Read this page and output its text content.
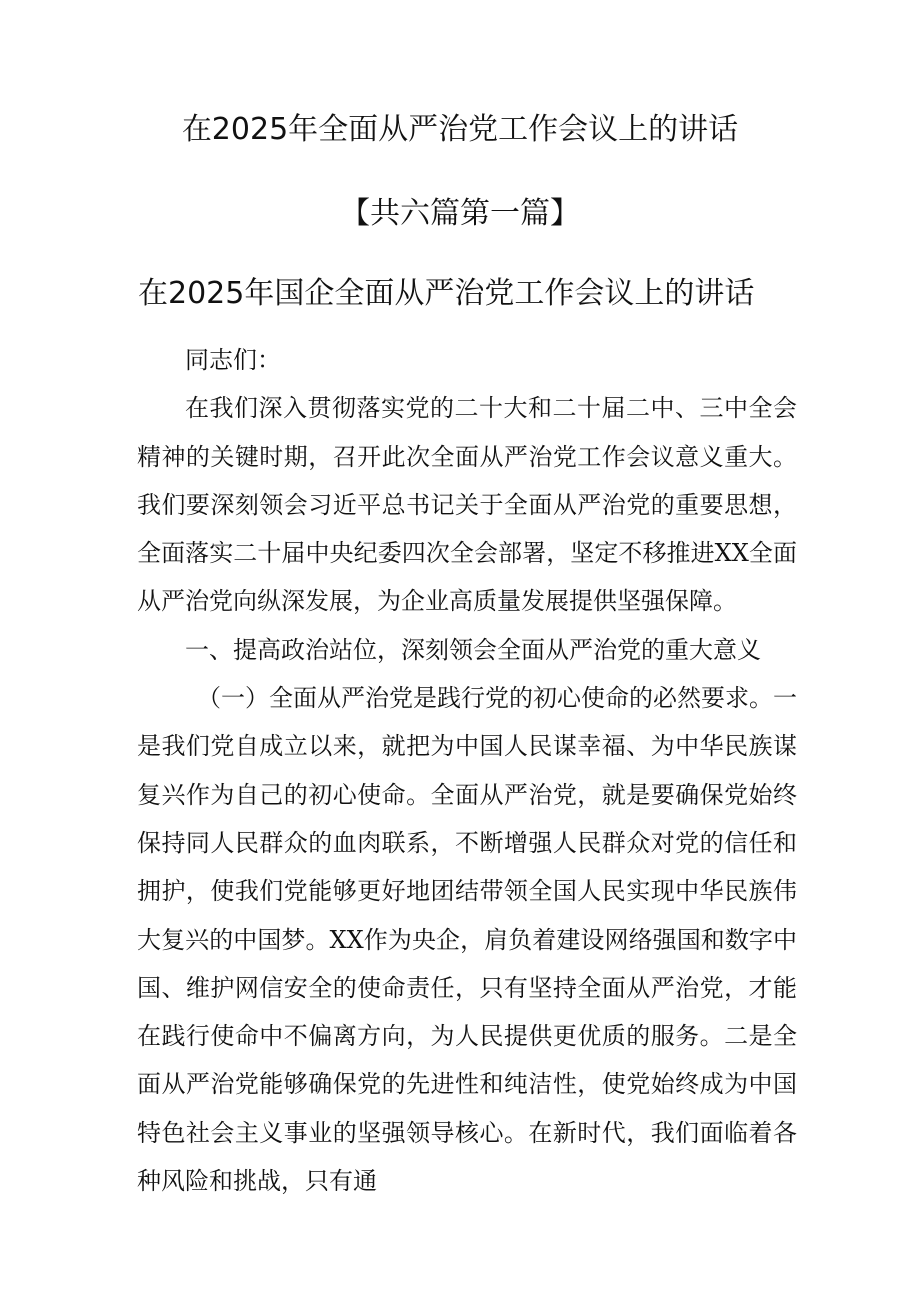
在2025年全面从严治党工作会议上的讲话
【共六篇第一篇】
在2025年国企全面从严治党工作会议上的讲话

同志们：

在我们深入贯彻落实党的二十大和二十届二中、三中全会精神的关键时期，召开此次全面从严治党工作会议意义重大。我们要深刻领会习近平总书记关于全面从严治党的重要思想，全面落实二十届中央纪委四次全会部署，坚定不移推进XX全面从严治党向纵深发展，为企业高质量发展提供坚强保障。

一、提高政治站位，深刻领会全面从严治党的重大意义

（一）全面从严治党是践行党的初心使命的必然要求。一是我们党自成立以来，就把为中国人民谋幸福、为中华民族谋复兴作为自己的初心使命。全面从严治党，就是要确保党始终保持同人民群众的血肉联系，不断增强人民群众对党的信任和拥护，使我们党能够更好地团结带领全国人民实现中华民族伟大复兴的中国梦。XX作为央企，肩负着建设网络强国和数字中国、维护网信安全的使命责任，只有坚持全面从严治党，才能在践行使命中不偏离方向，为人民提供更优质的服务。二是全面从严治党能够确保党的先进性和纯洁性，使党始终成为中国特色社会主义事业的坚强领导核心。在新时代，我们面临着各种风险和挑战，只有通
